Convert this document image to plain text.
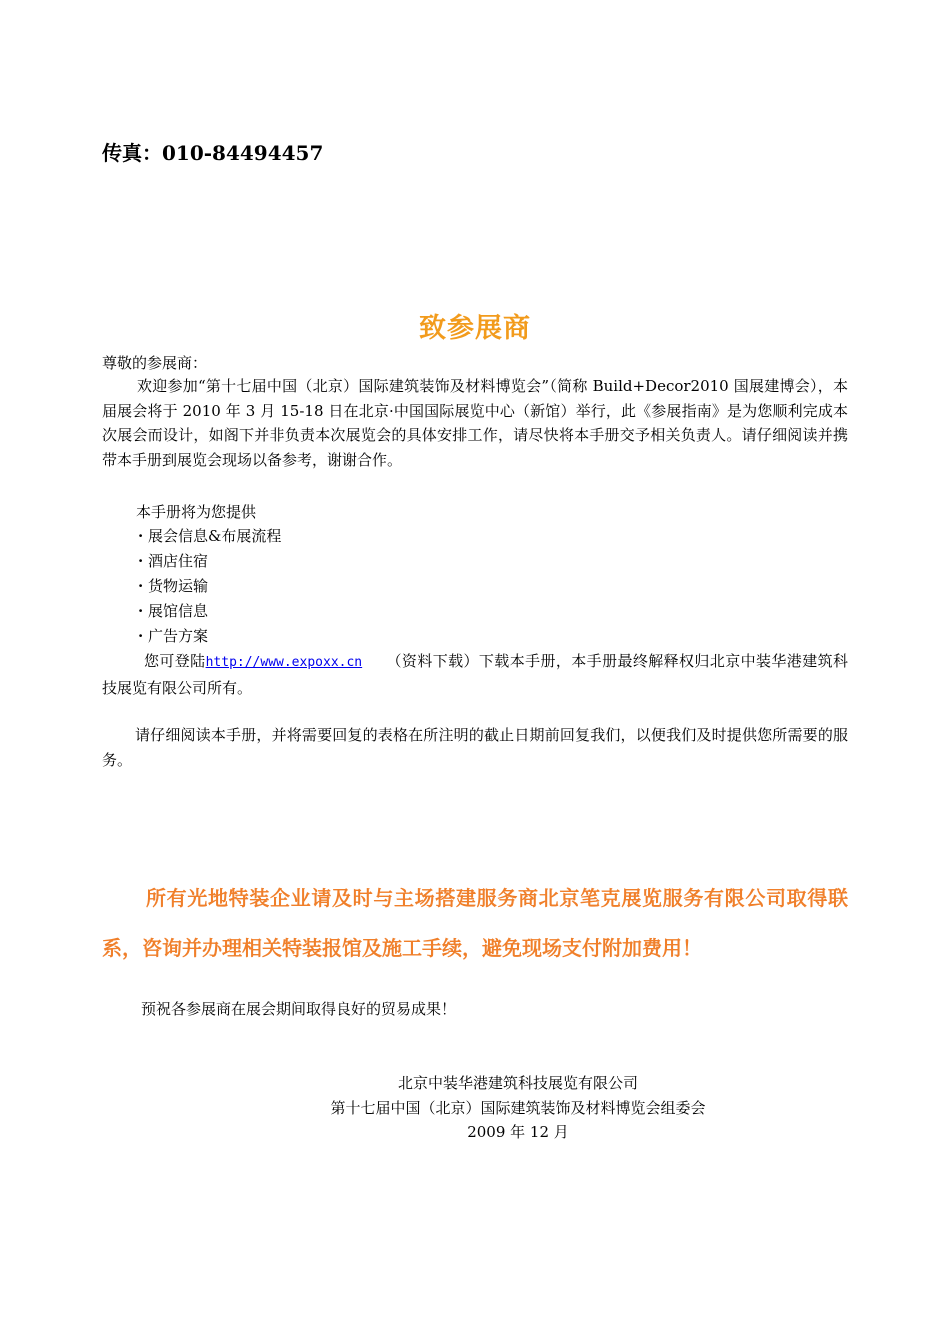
传真：010-84494457
致参展商
尊敬的参展商：
欢迎参加“第十七届中国（北京）国际建筑装饰及材料博览会”（简称 Build+Decor2010 国展建博会），本届展会将于 2010 年 3 月 15-18 日在北京·中国国际展览中心（新馆）举行，此《参展指南》是为您顺利完成本次展会而设计，如阁下并非负责本次展览会的具体安排工作，请尽快将本手册交予相关负责人。请仔细阅读并携带本手册到展览会现场以备参考，谢谢合作。
本手册将为您提供
· 展会信息&布展流程
· 酒店住宿
· 货物运输
· 展馆信息
· 广告方案
您可登陆http://www.expoxx.cn （资料下载）下载本手册，本手册最终解释权归北京中装华港建筑科技展览有限公司所有。
请仔细阅读本手册，并将需要回复的表格在所注明的截止日期前回复我们，以便我们及时提供您所需要的服务。
所有光地特装企业请及时与主场搭建服务商北京笔克展览服务有限公司取得联系，咨询并办理相关特装报馆及施工手续，避免现场支付附加费用！
预祝各参展商在展会期间取得良好的贸易成果！
北京中装华港建筑科技展览有限公司
第十七届中国（北京）国际建筑装饰及材料博览会组委会
2009 年 12 月
